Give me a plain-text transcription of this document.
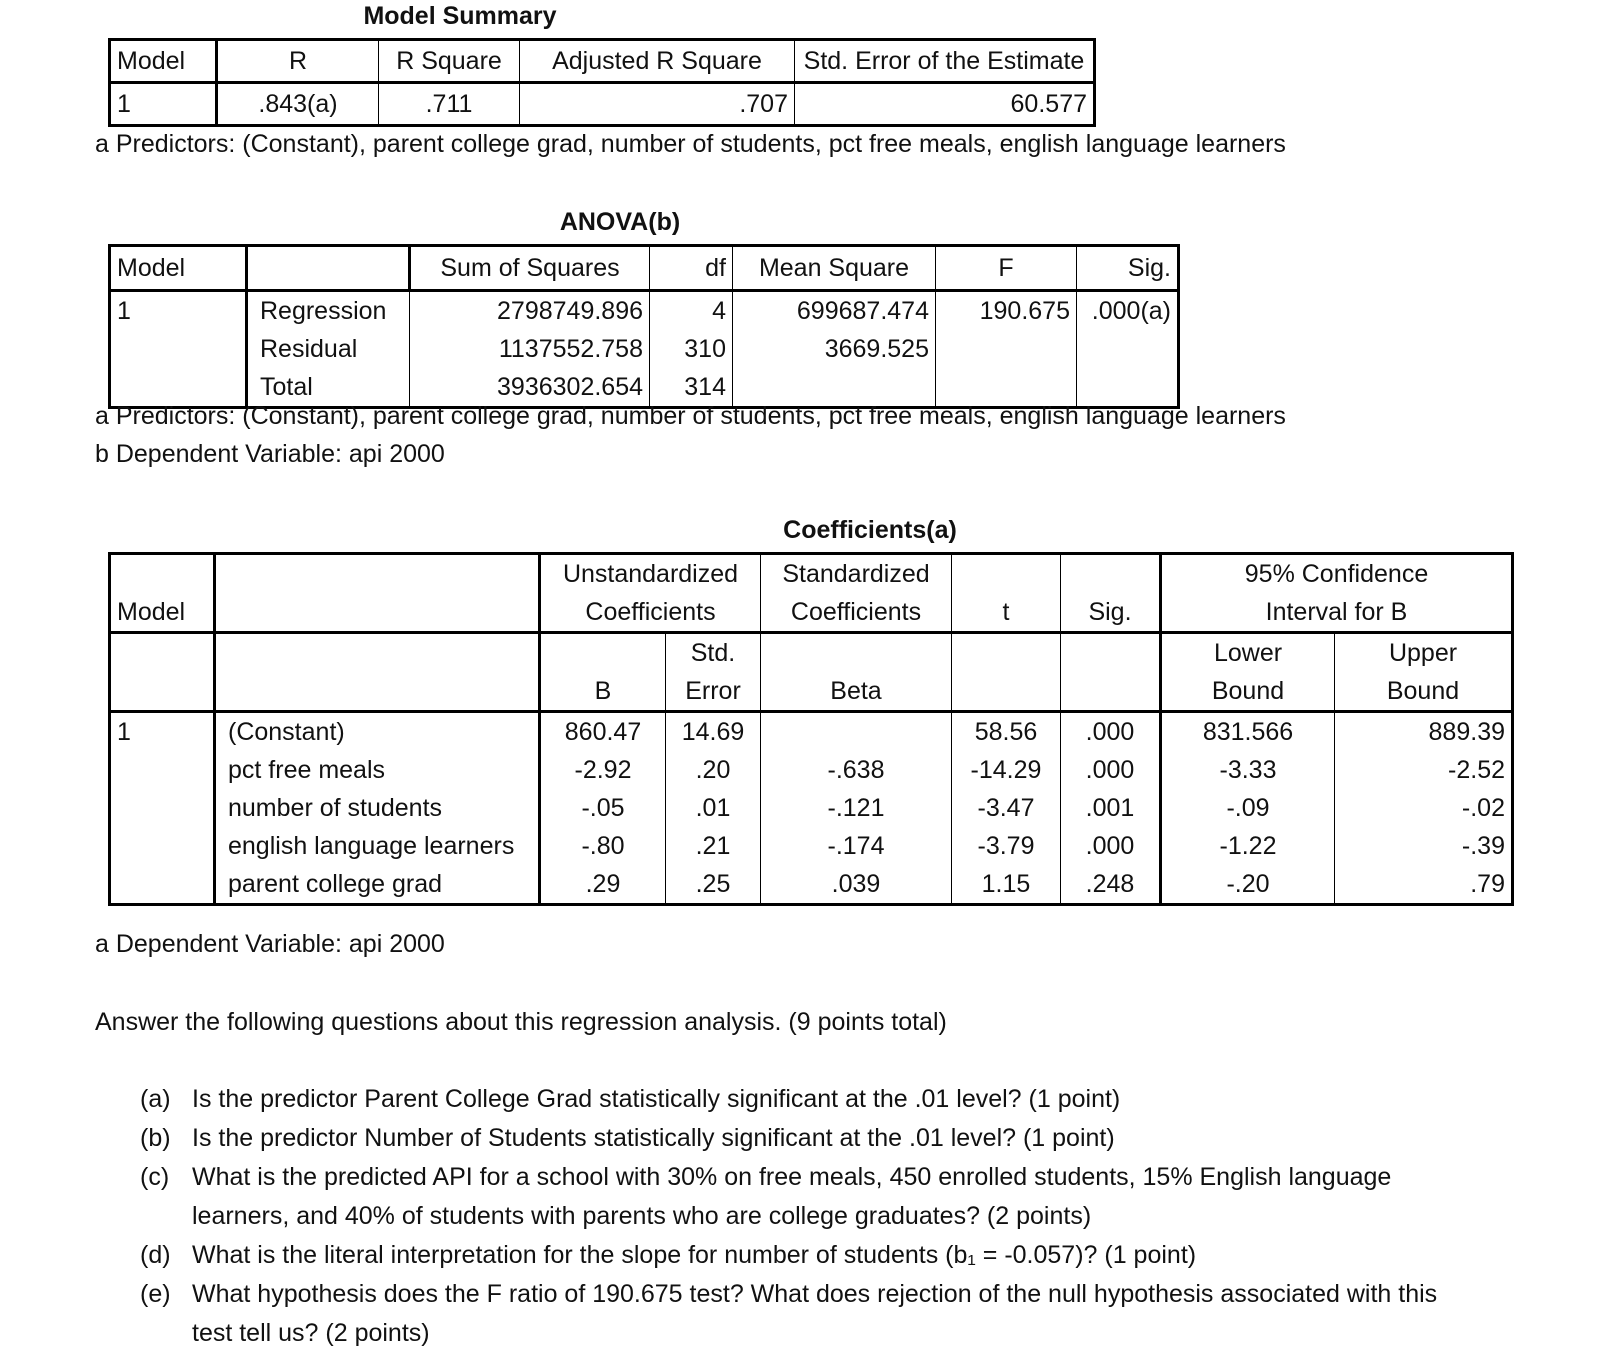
Model Summary
Model	R	R Square	Adjusted R Square	Std. Error of the Estimate
1	.843(a)	.711	.707	60.577
a Predictors: (Constant), parent college grad, number of students, pct free meals, english language learners
ANOVA(b)
Model		Sum of Squares	df	Mean Square	F	Sig.
1	Regression	2798749.896	4	699687.474	190.675	.000(a)
	Residual	1137552.758	310	3669.525		
	Total	3936302.654	314			
a Predictors: (Constant), parent college grad, number of students, pct free meals, english language learners
b Dependent Variable: api 2000
Coefficients(a)
		Unstandardized		Standardized			95% Confidence	
Model		Coefficients		Coefficients	t	Sig.	Interval for B	
			Std.				Lower	Upper
		B	Error	Beta			Bound	Bound
1	(Constant)	860.47	14.69		58.56	.000	831.566	889.39
	pct free meals	-2.92	.20	-.638	-14.29	.000	-3.33	-2.52
	number of students	-.05	.01	-.121	-3.47	.001	-.09	-.02
	english language learners	-.80	.21	-.174	-3.79	.000	-1.22	-.39
	parent college grad	.29	.25	.039	1.15	.248	-.20	.79
a Dependent Variable: api 2000
Answer the following questions about this regression analysis. (9 points total)
(a) Is the predictor Parent College Grad statistically significant at the .01 level? (1 point)
(b) Is the predictor Number of Students statistically significant at the .01 level? (1 point)
(c) What is the predicted API for a school with 30% on free meals, 450 enrolled students, 15% English language learners, and 40% of students with parents who are college graduates? (2 points)
(d) What is the literal interpretation for the slope for number of students (b₁ = -0.057)? (1 point)
(e) What hypothesis does the F ratio of 190.675 test? What does rejection of the null hypothesis associated with this test tell us? (2 points)
